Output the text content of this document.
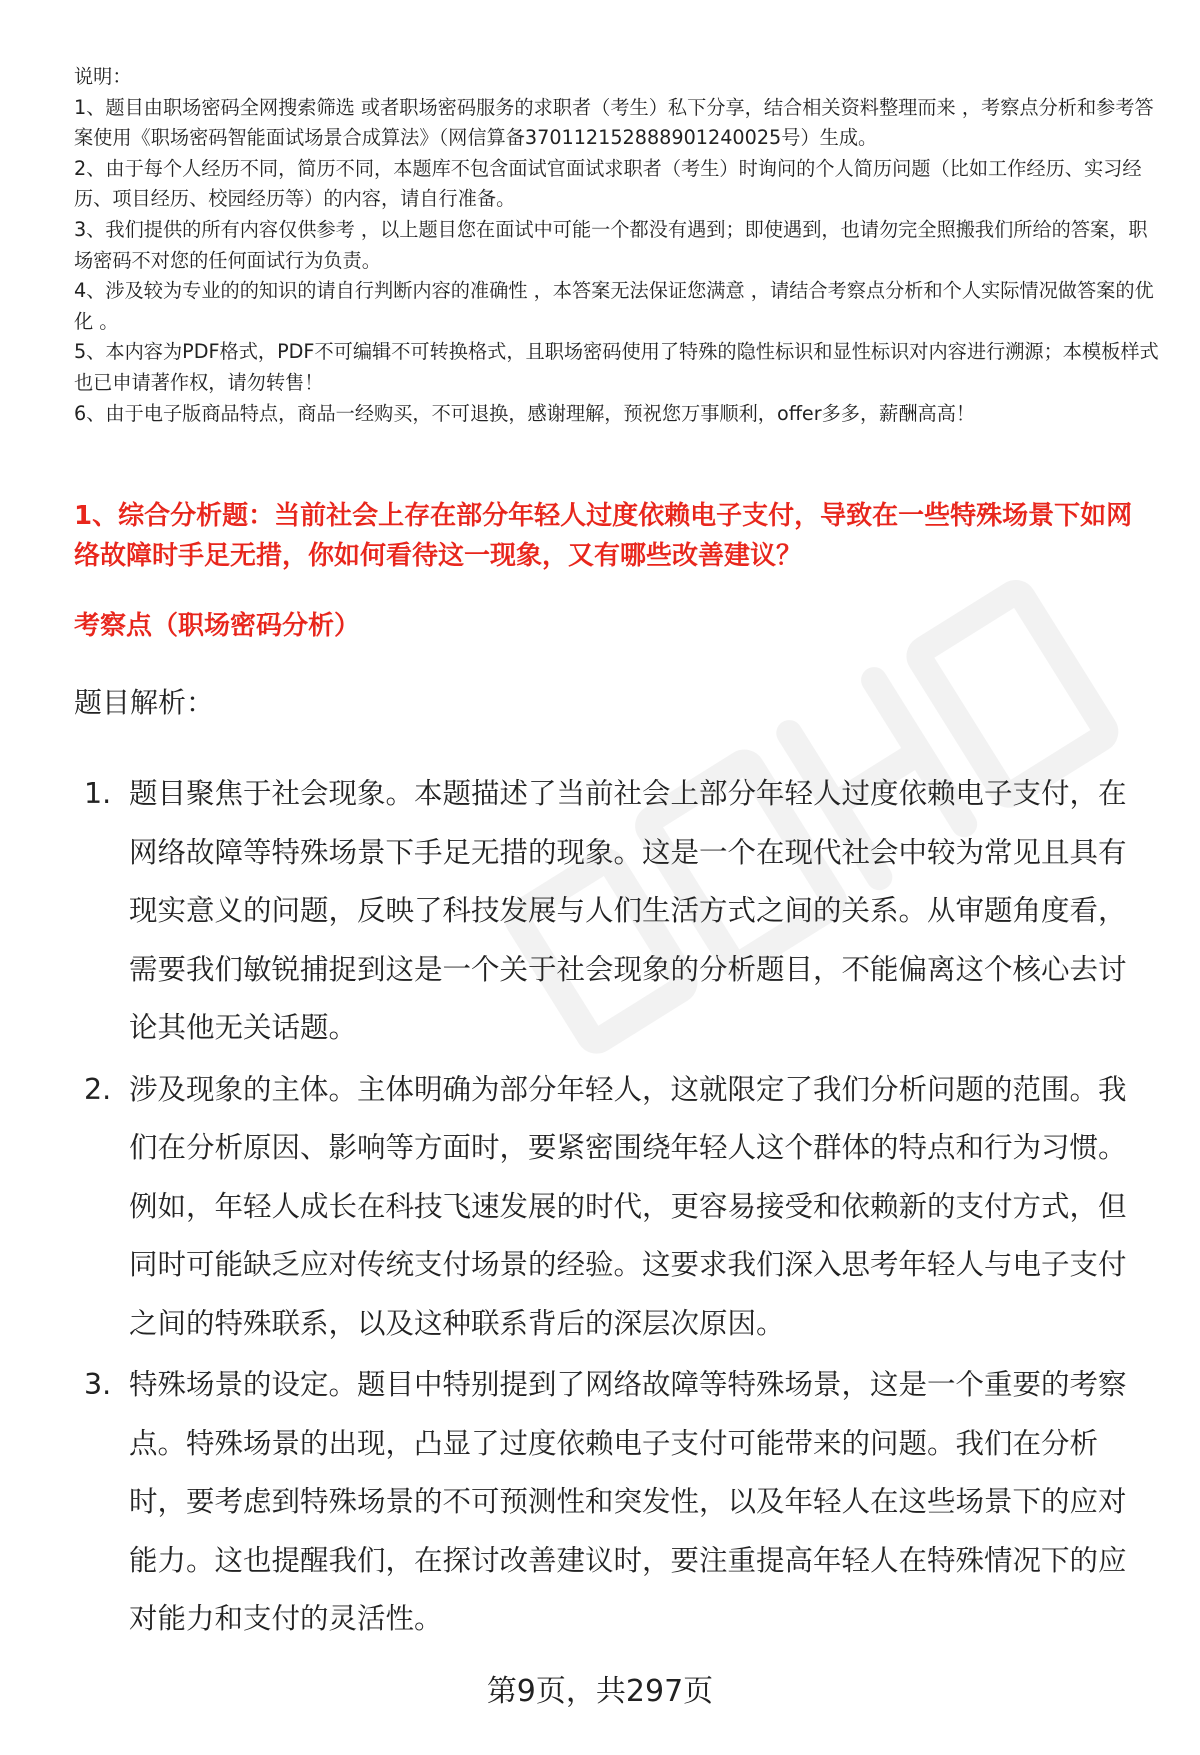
说明：

1、题目由职场密码全网搜索筛选 或者职场密码服务的求职者（考生）私下分享，结合相关资料整理而来 ，考察点分析和参考答案使用《职场密码智能面试场景合成算法》（网信算备370112152888901240025号）生成。

2、由于每个人经历不同，简历不同，本题库不包含面试官面试求职者（考生）时询问的个人简历问题（比如工作经历、实习经历、项目经历、校园经历等）的内容，请自行准备。

3、我们提供的所有内容仅供参考 ，以上题目您在面试中可能一个都没有遇到；即使遇到，也请勿完全照搬我们所给的答案，职场密码不对您的任何面试行为负责。

4、涉及较为专业的的知识的请自行判断内容的准确性 ，本答案无法保证您满意 ，请结合考察点分析和个人实际情况做答案的优化 。

5、本内容为PDF格式，PDF不可编辑不可转换格式，且职场密码使用了特殊的隐性标识和显性标识对内容进行溯源；本模板样式也已申请著作权，请勿转售！

6、由于电子版商品特点，商品一经购买，不可退换，感谢理解，预祝您万事顺利，offer多多，薪酬高高！

1、综合分析题：当前社会上存在部分年轻人过度依赖电子支付，导致在一些特殊场景下如网络故障时手足无措，你如何看待这一现象，又有哪些改善建议？
考察点（职场密码分析）

题目解析：

1. 题目聚焦于社会现象。本题描述了当前社会上部分年轻人过度依赖电子支付，在网络故障等特殊场景下手足无措的现象。这是一个在现代社会中较为常见且具有现实意义的问题，反映了科技发展与人们生活方式之间的关系。从审题角度看，需要我们敏锐捕捉到这是一个关于社会现象的分析题目，不能偏离这个核心去讨论其他无关话题。
2. 涉及现象的主体。主体明确为部分年轻人，这就限定了我们分析问题的范围。我们在分析原因、影响等方面时，要紧密围绕年轻人这个群体的特点和行为习惯。例如，年轻人成长在科技飞速发展的时代，更容易接受和依赖新的支付方式，但同时可能缺乏应对传统支付场景的经验。这要求我们深入思考年轻人与电子支付之间的特殊联系，以及这种联系背后的深层次原因。
3. 特殊场景的设定。题目中特别提到了网络故障等特殊场景，这是一个重要的考察点。特殊场景的出现，凸显了过度依赖电子支付可能带来的问题。我们在分析时，要考虑到特殊场景的不可预测性和突发性，以及年轻人在这些场景下的应对能力。这也提醒我们，在探讨改善建议时，要注重提高年轻人在特殊情况下的应对能力和支付的灵活性。
第9页，共297页
